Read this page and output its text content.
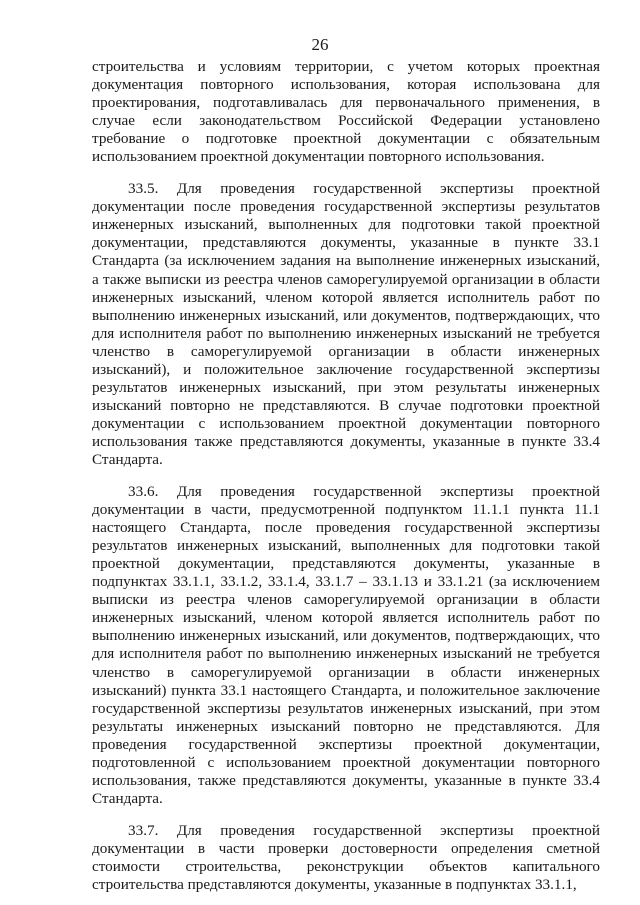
26

строительства и условиям территории, с учетом которых проектная документация повторного использования, которая использована для проектирования, подготавливалась для первоначального применения, в случае если законодательством Российской Федерации установлено требование о подготовке проектной документации с обязательным использованием проектной документации повторного использования.

33.5. Для проведения государственной экспертизы проектной документации после проведения государственной экспертизы результатов инженерных изысканий, выполненных для подготовки такой проектной документации, представляются документы, указанные в пункте 33.1 Стандарта (за исключением задания на выполнение инженерных изысканий, а также выписки из реестра членов саморегулируемой организации в области инженерных изысканий, членом которой является исполнитель работ по выполнению инженерных изысканий, или документов, подтверждающих, что для исполнителя работ по выполнению инженерных изысканий не требуется членство в саморегулируемой организации в области инженерных изысканий), и положительное заключение государственной экспертизы результатов инженерных изысканий, при этом результаты инженерных изысканий повторно не представляются. В случае подготовки проектной документации с использованием проектной документации повторного использования также представляются документы, указанные в пункте 33.4 Стандарта.

33.6. Для проведения государственной экспертизы проектной документации в части, предусмотренной подпунктом 11.1.1 пункта 11.1 настоящего Стандарта, после проведения государственной экспертизы результатов инженерных изысканий, выполненных для подготовки такой проектной документации, представляются документы, указанные в подпунктах 33.1.1, 33.1.2, 33.1.4, 33.1.7 – 33.1.13 и 33.1.21 (за исключением выписки из реестра членов саморегулируемой организации в области инженерных изысканий, членом которой является исполнитель работ по выполнению инженерных изысканий, или документов, подтверждающих, что для исполнителя работ по выполнению инженерных изысканий не требуется членство в саморегулируемой организации в области инженерных изысканий) пункта 33.1 настоящего Стандарта, и положительное заключение государственной экспертизы результатов инженерных изысканий, при этом результаты инженерных изысканий повторно не представляются. Для проведения государственной экспертизы проектной документации, подготовленной с использованием проектной документации повторного использования, также представляются документы, указанные в пункте 33.4 Стандарта.

33.7. Для проведения государственной экспертизы проектной документации в части проверки достоверности определения сметной стоимости строительства, реконструкции объектов капитального строительства представляются документы, указанные в подпунктах 33.1.1,
